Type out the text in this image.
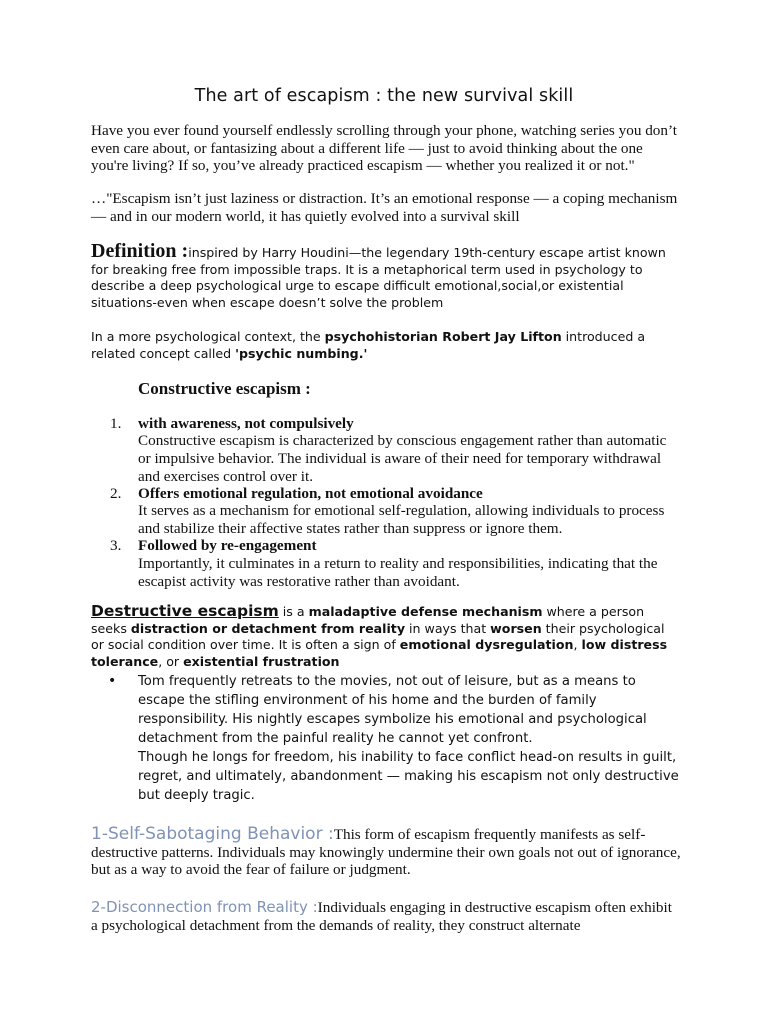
The art of escapism : the new survival skill
Have you ever found yourself endlessly scrolling through your phone, watching series you don’t even care about, or fantasizing about a different life — just to avoid thinking about the one you're living? If so, you’ve already practiced escapism — whether you realized it or not."
…"Escapism isn’t just laziness or distraction. It’s an emotional response — a coping mechanism — and in our modern world, it has quietly evolved into a survival skill
Definition :inspired by Harry Houdini—the legendary 19th-century escape artist known for breaking free from impossible traps. It is a metaphorical term used in psychology to describe a deep psychological urge to escape difficult emotional,social,or existential situations-even when escape doesn’t solve the problem
In a more psychological context, the psychohistorian Robert Jay Lifton introduced a related concept called 'psychic numbing.'
Constructive escapism :
1.	with awareness, not compulsively
Constructive escapism is characterized by conscious engagement rather than automatic or impulsive behavior. The individual is aware of their need for temporary withdrawal and exercises control over it.
2.	Offers emotional regulation, not emotional avoidance
It serves as a mechanism for emotional self-regulation, allowing individuals to process and stabilize their affective states rather than suppress or ignore them.
3.	Followed by re-engagement
Importantly, it culminates in a return to reality and responsibilities, indicating that the escapist activity was restorative rather than avoidant.
Destructive escapism is a maladaptive defense mechanism where a person seeks distraction or detachment from reality in ways that worsen their psychological or social condition over time. It is often a sign of emotional dysregulation, low distress tolerance, or existential frustration
•	Tom frequently retreats to the movies, not out of leisure, but as a means to escape the stifling environment of his home and the burden of family responsibility. His nightly escapes symbolize his emotional and psychological detachment from the painful reality he cannot yet confront.
Though he longs for freedom, his inability to face conflict head-on results in guilt, regret, and ultimately, abandonment — making his escapism not only destructive but deeply tragic.
1-Self-Sabotaging Behavior :This form of escapism frequently manifests as self-destructive patterns. Individuals may knowingly undermine their own goals not out of ignorance, but as a way to avoid the fear of failure or judgment.
2-Disconnection from Reality :Individuals engaging in destructive escapism often exhibit a psychological detachment from the demands of reality, they construct alternate
